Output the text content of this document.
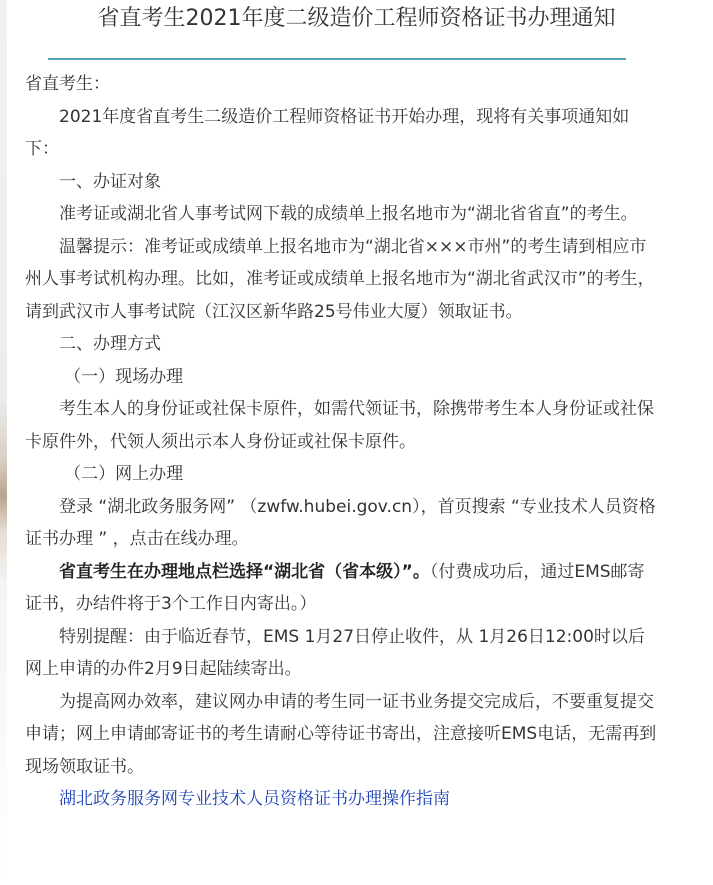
省直考生2021年度二级造价工程师资格证书办理通知

省直考生：

2021年度省直考生二级造价工程师资格证书开始办理，现将有关事项通知如下：

一、办证对象

准考证或湖北省人事考试网下载的成绩单上报名地市为“湖北省省直”的考生。

温馨提示：准考证或成绩单上报名地市为“湖北省×××市州”的考生请到相应市州人事考试机构办理。比如，准考证或成绩单上报名地市为“湖北省武汉市”的考生，请到武汉市人事考试院（江汉区新华路25号伟业大厦）领取证书。

二、办理方式

（一）现场办理

考生本人的身份证或社保卡原件，如需代领证书，除携带考生本人身份证或社保卡原件外，代领人须出示本人身份证或社保卡原件。

（二）网上办理

登录 “湖北政务服务网” （zwfw.hubei.gov.cn），首页搜索 “专业技术人员资格证书办理 ” ，点击在线办理。

省直考生在办理地点栏选择“湖北省（省本级）”。（付费成功后，通过EMS邮寄证书，办结件将于3个工作日内寄出。）

特别提醒：由于临近春节，EMS 1月27日停止收件，从 1月26日12:00时以后网上申请的办件2月9日起陆续寄出。

为提高网办效率，建议网办申请的考生同一证书业务提交完成后，不要重复提交申请；网上申请邮寄证书的考生请耐心等待证书寄出，注意接听EMS电话，无需再到现场领取证书。

湖北政务服务网专业技术人员资格证书办理操作指南
